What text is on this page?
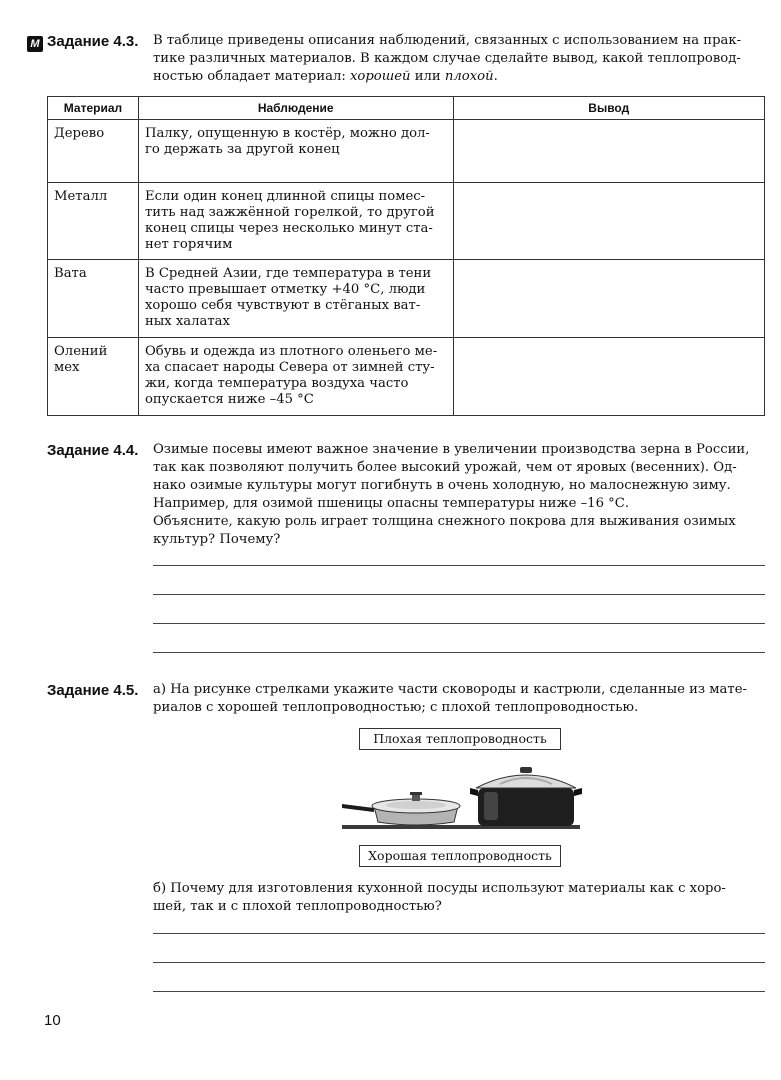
М Задание 4.3. В таблице приведены описания наблюдений, связанных с использованием на прак-

тике различных материалов. В каждом случае сделайте вывод, какой теплопровод-

ностью обладает материал: хорошей или плохой.

Материал	Наблюдение	Вывод
Дерево	Палку, опущенную в костёр, можно дол-
го держать за другой конец	
Металл	Если один конец длинной спицы помес-
тить над зажжённой горелкой, то другой
конец спицы через несколько минут ста-
нет горячим	
Вата	В Средней Азии, где температура в тени
часто превышает отметку +40 °С, люди
хорошо себя чувствуют в стёганых ват-
ных халатах	
Олений
мех	Обувь и одежда из плотного оленьего ме-
ха спасает народы Севера от зимней сту-
жи, когда температура воздуха часто
опускается ниже –45 °С	
Задание 4.4. Озимые посевы имеют важное значение в увеличении производства зерна в России,

так как позволяют получить более высокий урожай, чем от яровых (весенних). Од-

нако озимые культуры могут погибнуть в очень холодную, но малоснежную зиму.

Например, для озимой пшеницы опасны температуры ниже –16 °С.

Объясните, какую роль играет толщина снежного покрова для выживания озимых

культур? Почему?

Задание 4.5. а) На рисунке стрелками укажите части сковороды и кастрюли, сделанные из мате-

риалов с хорошей теплопроводностью; с плохой теплопроводностью.

Плохая теплопроводность
Хорошая теплопроводность

б) Почему для изготовления кухонной посуды используют материалы как с хоро-

шей, так и с плохой теплопроводностью?

10
